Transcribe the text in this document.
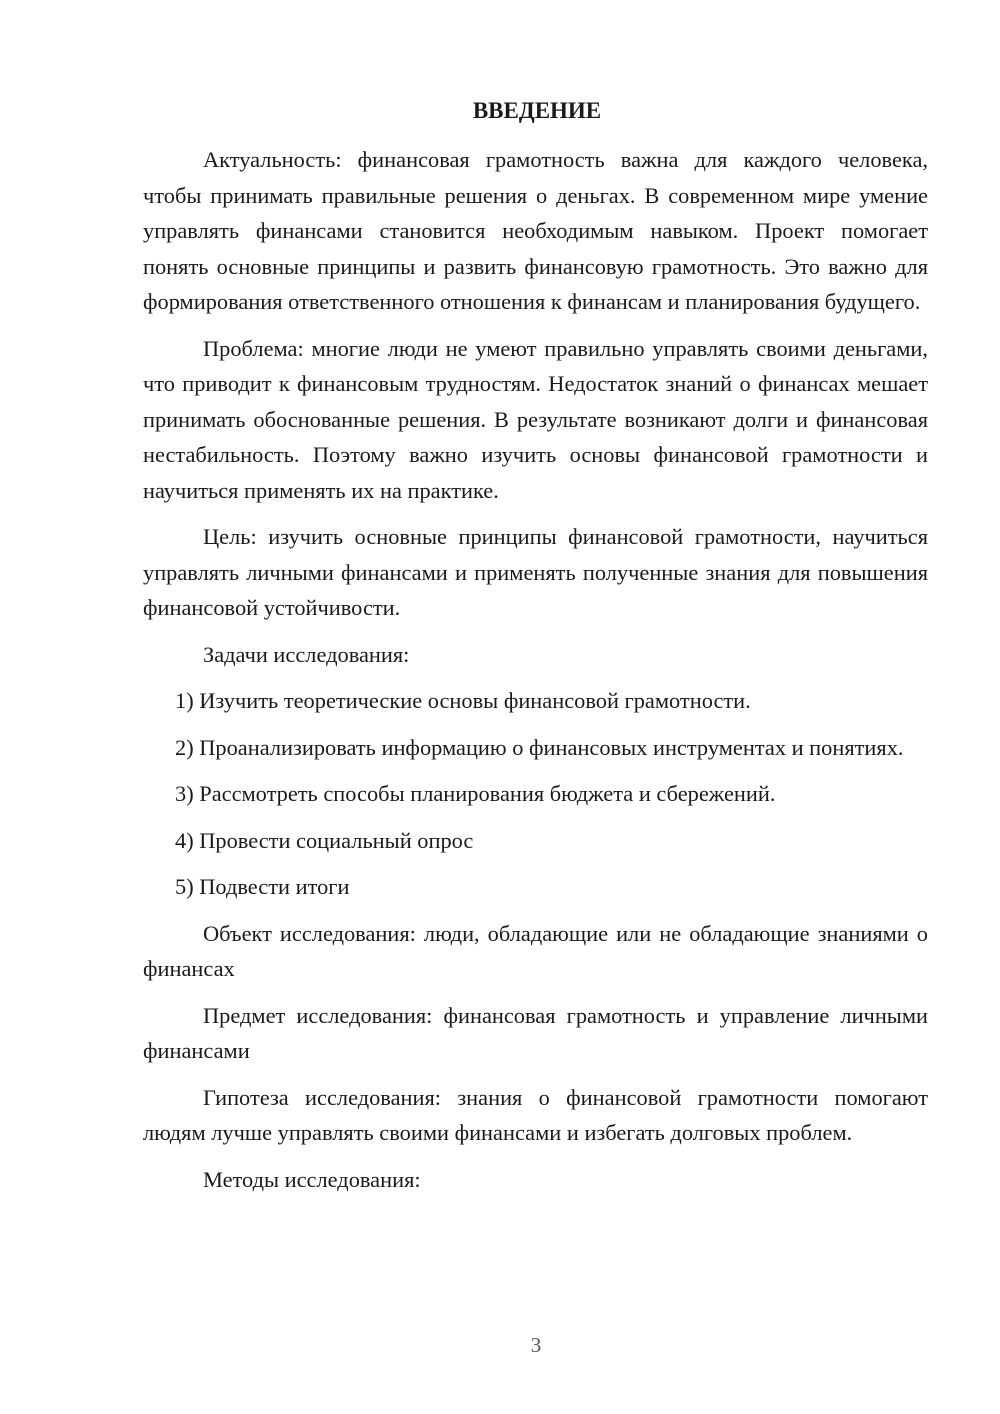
ВВЕДЕНИЕ

Актуальность: финансовая грамотность важна для каждого человека, чтобы принимать правильные решения о деньгах. В современном мире умение управлять финансами становится необходимым навыком. Проект помогает понять основные принципы и развить финансовую грамотность. Это важно для формирования ответственного отношения к финансам и планирования будущего.

Проблема: многие люди не умеют правильно управлять своими деньгами, что приводит к финансовым трудностям. Недостаток знаний о финансах мешает принимать обоснованные решения. В результате возникают долги и финансовая нестабильность. Поэтому важно изучить основы финансовой грамотности и научиться применять их на практике.

Цель: изучить основные принципы финансовой грамотности, научиться управлять личными финансами и применять полученные знания для повышения финансовой устойчивости.

Задачи исследования:

1) Изучить теоретические основы финансовой грамотности.

2) Проанализировать информацию о финансовых инструментах и понятиях.

3) Рассмотреть способы планирования бюджета и сбережений.

4) Провести социальный опрос

5) Подвести итоги

Объект исследования: люди, обладающие или не обладающие знаниями о финансах

Предмет исследования: финансовая грамотность и управление личными финансами

Гипотеза исследования: знания о финансовой грамотности помогают людям лучше управлять своими финансами и избегать долговых проблем.

Методы исследования:

3
